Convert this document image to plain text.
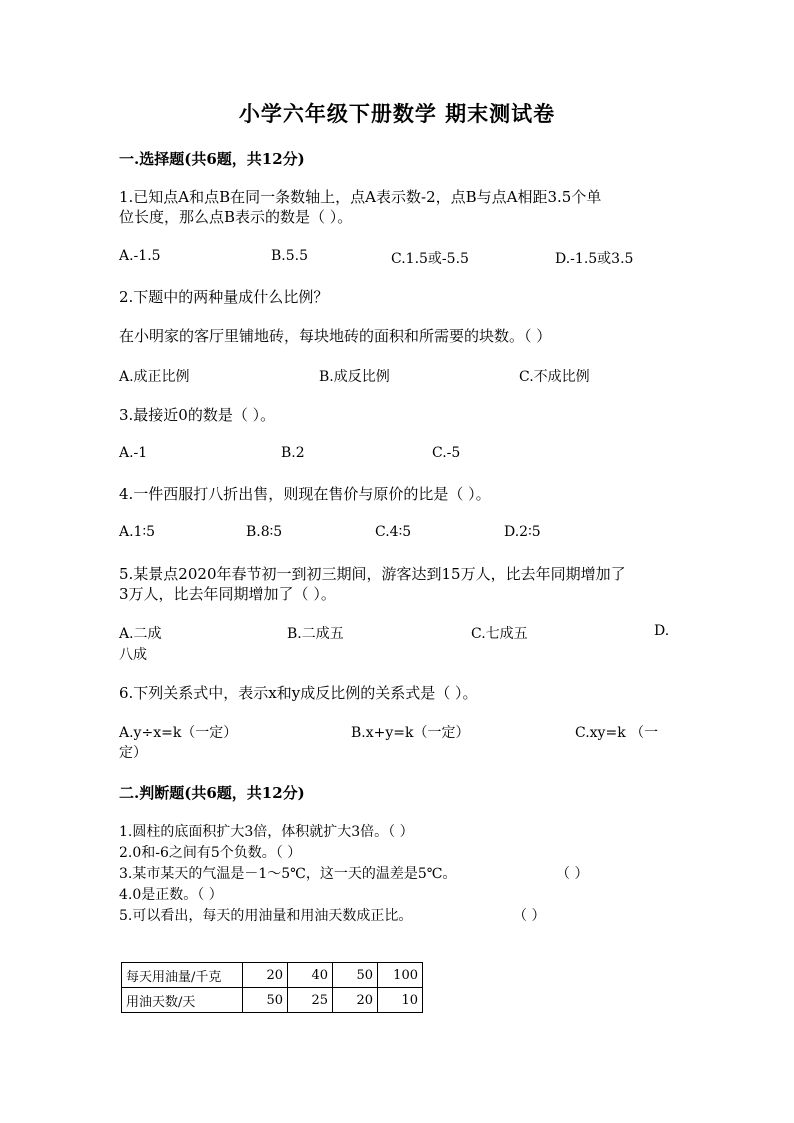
小学六年级下册数学 期末测试卷
一.选择题(共6题，共12分)
1.已知点A和点B在同一条数轴上，点A表示数-2，点B与点A相距3.5个单
位长度，那么点B表示的数是（ ）。
A.-1.5	B.5.5	C.1.5或-5.5	D.-1.5或3.5
2.下题中的两种量成什么比例？
在小明家的客厅里铺地砖，每块地砖的面积和所需要的块数。（ ）
A.成正比例	B.成反比例	C.不成比例
3.最接近0的数是（ ）。
A.-1	B.2	C.-5
4.一件西服打八折出售，则现在售价与原价的比是（ ）。
A.1∶5	B.8∶5	C.4∶5	D.2∶5
5.某景点2020年春节初一到初三期间，游客达到15万人，比去年同期增加了
3万人，比去年同期增加了（ ）。
A.二成	B.二成五	C.七成五	D.
八成
6.下列关系式中，表示x和y成反比例的关系式是（ ）。
A.y÷x=k（一定）	B.x+y=k（一定）	C.xy=k （一
定）
二.判断题(共6题，共12分)
1.圆柱的底面积扩大3倍，体积就扩大3倍。（ ）
2.0和-6之间有5个负数。（ ）
3.某市某天的气温是－1～5℃，这一天的温差是5℃。	（ ）
4.0是正数。（ ）
5.可以看出，每天的用油量和用油天数成正比。	（ ）
每天用油量/千克	20	40	50	100
用油天数/天	50	25	20	10
